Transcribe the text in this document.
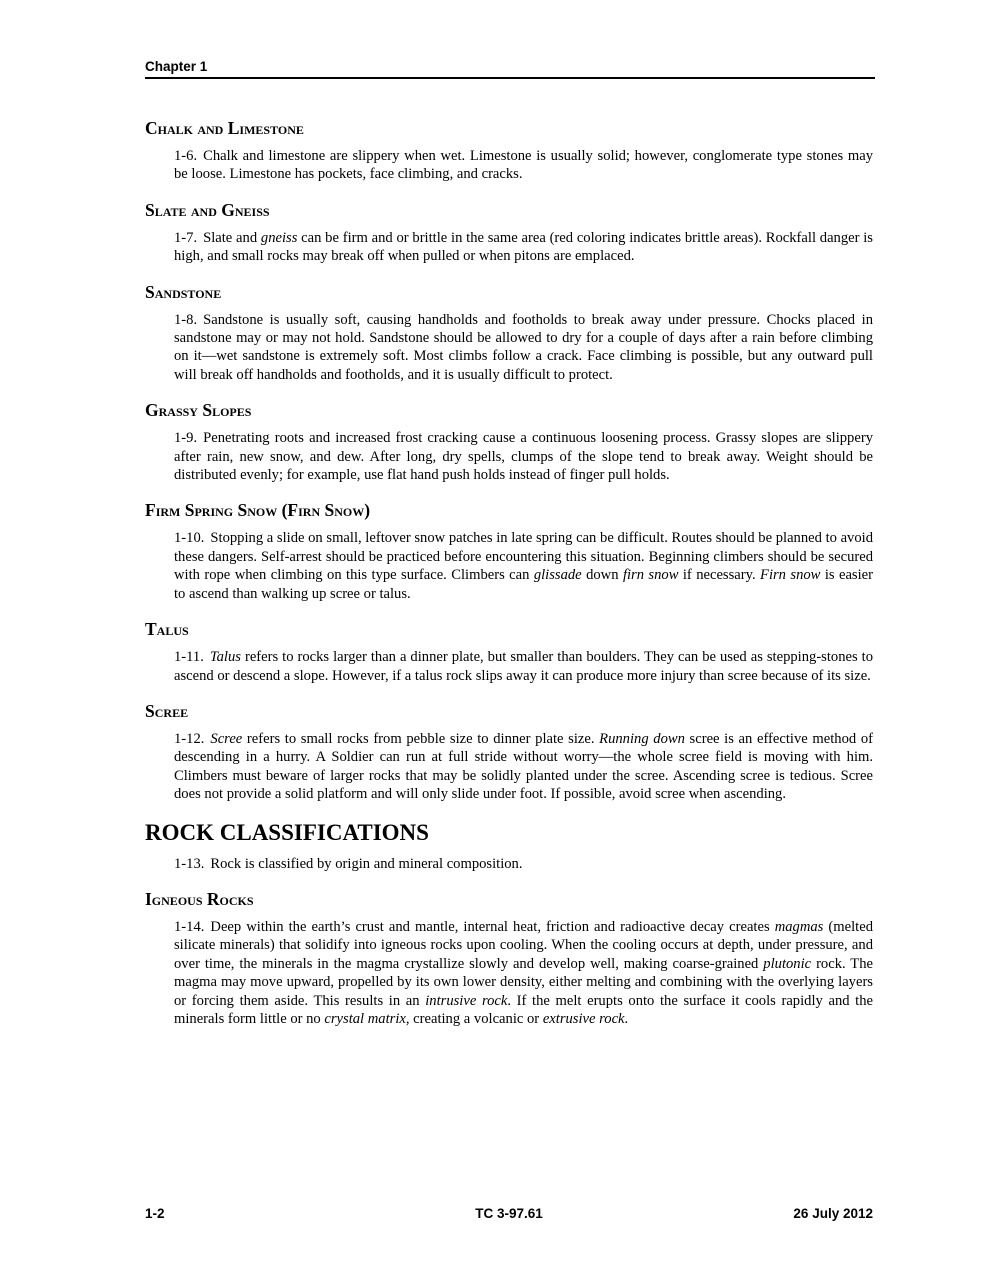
Chapter 1
Chalk and Limestone

1-6. Chalk and limestone are slippery when wet. Limestone is usually solid; however, conglomerate type stones may be loose. Limestone has pockets, face climbing, and cracks.

Slate and Gneiss

1-7. Slate and gneiss can be firm and or brittle in the same area (red coloring indicates brittle areas). Rockfall danger is high, and small rocks may break off when pulled or when pitons are emplaced.

Sandstone

1-8. Sandstone is usually soft, causing handholds and footholds to break away under pressure. Chocks placed in sandstone may or may not hold. Sandstone should be allowed to dry for a couple of days after a rain before climbing on it—wet sandstone is extremely soft. Most climbs follow a crack. Face climbing is possible, but any outward pull will break off handholds and footholds, and it is usually difficult to protect.

Grassy Slopes

1-9. Penetrating roots and increased frost cracking cause a continuous loosening process. Grassy slopes are slippery after rain, new snow, and dew. After long, dry spells, clumps of the slope tend to break away. Weight should be distributed evenly; for example, use flat hand push holds instead of finger pull holds.

Firm Spring Snow (Firn Snow)

1-10. Stopping a slide on small, leftover snow patches in late spring can be difficult. Routes should be planned to avoid these dangers. Self-arrest should be practiced before encountering this situation. Beginning climbers should be secured with rope when climbing on this type surface. Climbers can glissade down firn snow if necessary. Firn snow is easier to ascend than walking up scree or talus.

Talus

1-11. Talus refers to rocks larger than a dinner plate, but smaller than boulders. They can be used as stepping-stones to ascend or descend a slope. However, if a talus rock slips away it can produce more injury than scree because of its size.

Scree

1-12. Scree refers to small rocks from pebble size to dinner plate size. Running down scree is an effective method of descending in a hurry. A Soldier can run at full stride without worry—the whole scree field is moving with him. Climbers must beware of larger rocks that may be solidly planted under the scree. Ascending scree is tedious. Scree does not provide a solid platform and will only slide under foot. If possible, avoid scree when ascending.

ROCK CLASSIFICATIONS

1-13. Rock is classified by origin and mineral composition.

Igneous Rocks

1-14. Deep within the earth’s crust and mantle, internal heat, friction and radioactive decay creates magmas (melted silicate minerals) that solidify into igneous rocks upon cooling. When the cooling occurs at depth, under pressure, and over time, the minerals in the magma crystallize slowly and develop well, making coarse-grained plutonic rock. The magma may move upward, propelled by its own lower density, either melting and combining with the overlying layers or forcing them aside. This results in an intrusive rock. If the melt erupts onto the surface it cools rapidly and the minerals form little or no crystal matrix, creating a volcanic or extrusive rock.

1-2	TC 3-97.61	26 July 2012
